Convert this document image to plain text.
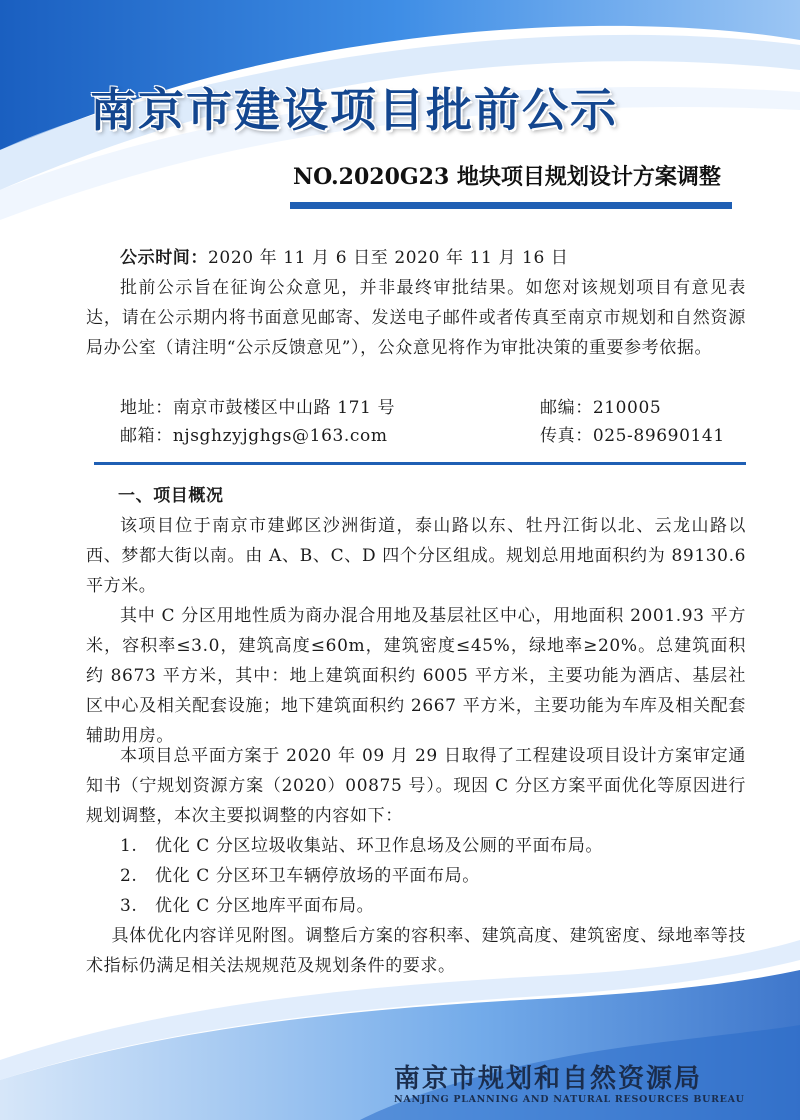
南京市建设项目批前公示
NO.2020G23 地块项目规划设计方案调整
公示时间：2020 年 11 月 6 日至 2020 年 11 月 16 日

批前公示旨在征询公众意见，并非最终审批结果。如您对该规划项目有意见表达，请在公示期内将书面意见邮寄、发送电子邮件或者传真至南京市规划和自然资源局办公室（请注明“公示反馈意见”），公众意见将作为审批决策的重要参考依据。

地址：南京市鼓楼区中山路 171 号	邮编：210005
邮箱：njsghzyjghgs@163.com	传真：025-89690141
一、项目概况

该项目位于南京市建邺区沙洲街道，泰山路以东、牡丹江街以北、云龙山路以西、梦都大街以南。由 A、B、C、D 四个分区组成。规划总用地面积约为 89130.6 平方米。

其中 C 分区用地性质为商办混合用地及基层社区中心，用地面积 2001.93 平方米，容积率≤3.0，建筑高度≤60m，建筑密度≤45%，绿地率≥20%。总建筑面积约 8673 平方米，其中：地上建筑面积约 6005 平方米，主要功能为酒店、基层社区中心及相关配套设施；地下建筑面积约 2667 平方米，主要功能为车库及相关配套辅助用房。

本项目总平面方案于 2020 年 09 月 29 日取得了工程建设项目设计方案审定通知书（宁规划资源方案（2020）00875 号）。现因 C 分区方案平面优化等原因进行规划调整，本次主要拟调整的内容如下：

1.　优化 C 分区垃圾收集站、环卫作息场及公厕的平面布局。
2.　优化 C 分区环卫车辆停放场的平面布局。
3.　优化 C 分区地库平面布局。

具体优化内容详见附图。调整后方案的容积率、建筑高度、建筑密度、绿地率等技术指标仍满足相关法规规范及规划条件的要求。

南京市规划和自然资源局
NANJING PLANNING AND NATURAL RESOURCES BUREAU
